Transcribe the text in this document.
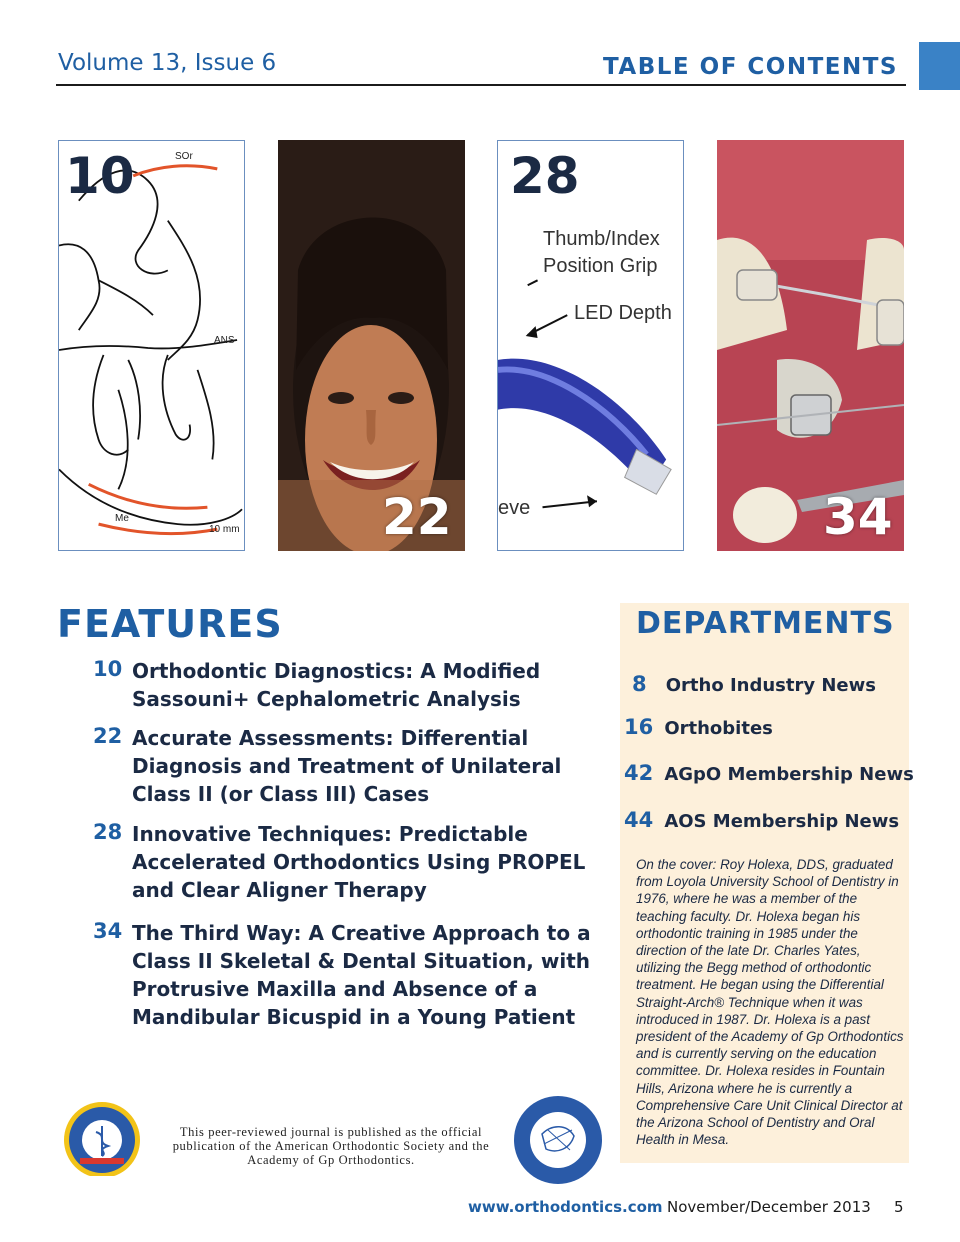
Volume 13, Issue 6	TABLE OF CONTENTS
10	SOr
ANS
Me
10 mm	22
28
Thumb/Index
Position Grip
LED Depth
eve	34
FEATURES
10 Orthodontic Diagnostics: A Modified Sassouni+ Cephalometric Analysis
22 Accurate Assessments: Differential Diagnosis and Treatment of Unilateral Class II (or Class III) Cases
28 Innovative Techniques: Predictable Accelerated Orthodontics Using PROPEL and Clear Aligner Therapy
34 The Third Way: A Creative Approach to a Class II Skeletal & Dental Situation, with Protrusive Maxilla and Absence of a Mandibular Bicuspid in a Young Patient
DEPARTMENTS
8 Ortho Industry News
16 Orthobites
42 AGpO Membership News
44 AOS Membership News
On the cover: Roy Holexa, DDS, graduated from Loyola University School of Dentistry in 1976, where he was a member of the teaching faculty. Dr. Holexa began his orthodontic training in 1985 under the direction of the late Dr. Charles Yates, utilizing the Begg method of orthodontic treatment. He began using the Differential Straight-Arch® Technique when it was introduced in 1987. Dr. Holexa is a past president of the Academy of Gp Orthodontics and is currently serving on the education committee. Dr. Holexa resides in Fountain Hills, Arizona where he is currently a Comprehensive Care Unit Clinical Director at the Arizona School of Dentistry and Oral Health in Mesa.
This peer-reviewed journal is published as the official publication of the American Orthodontic Society and the Academy of Gp Orthodontics.
www.orthodontics.com November/December 2013 5
